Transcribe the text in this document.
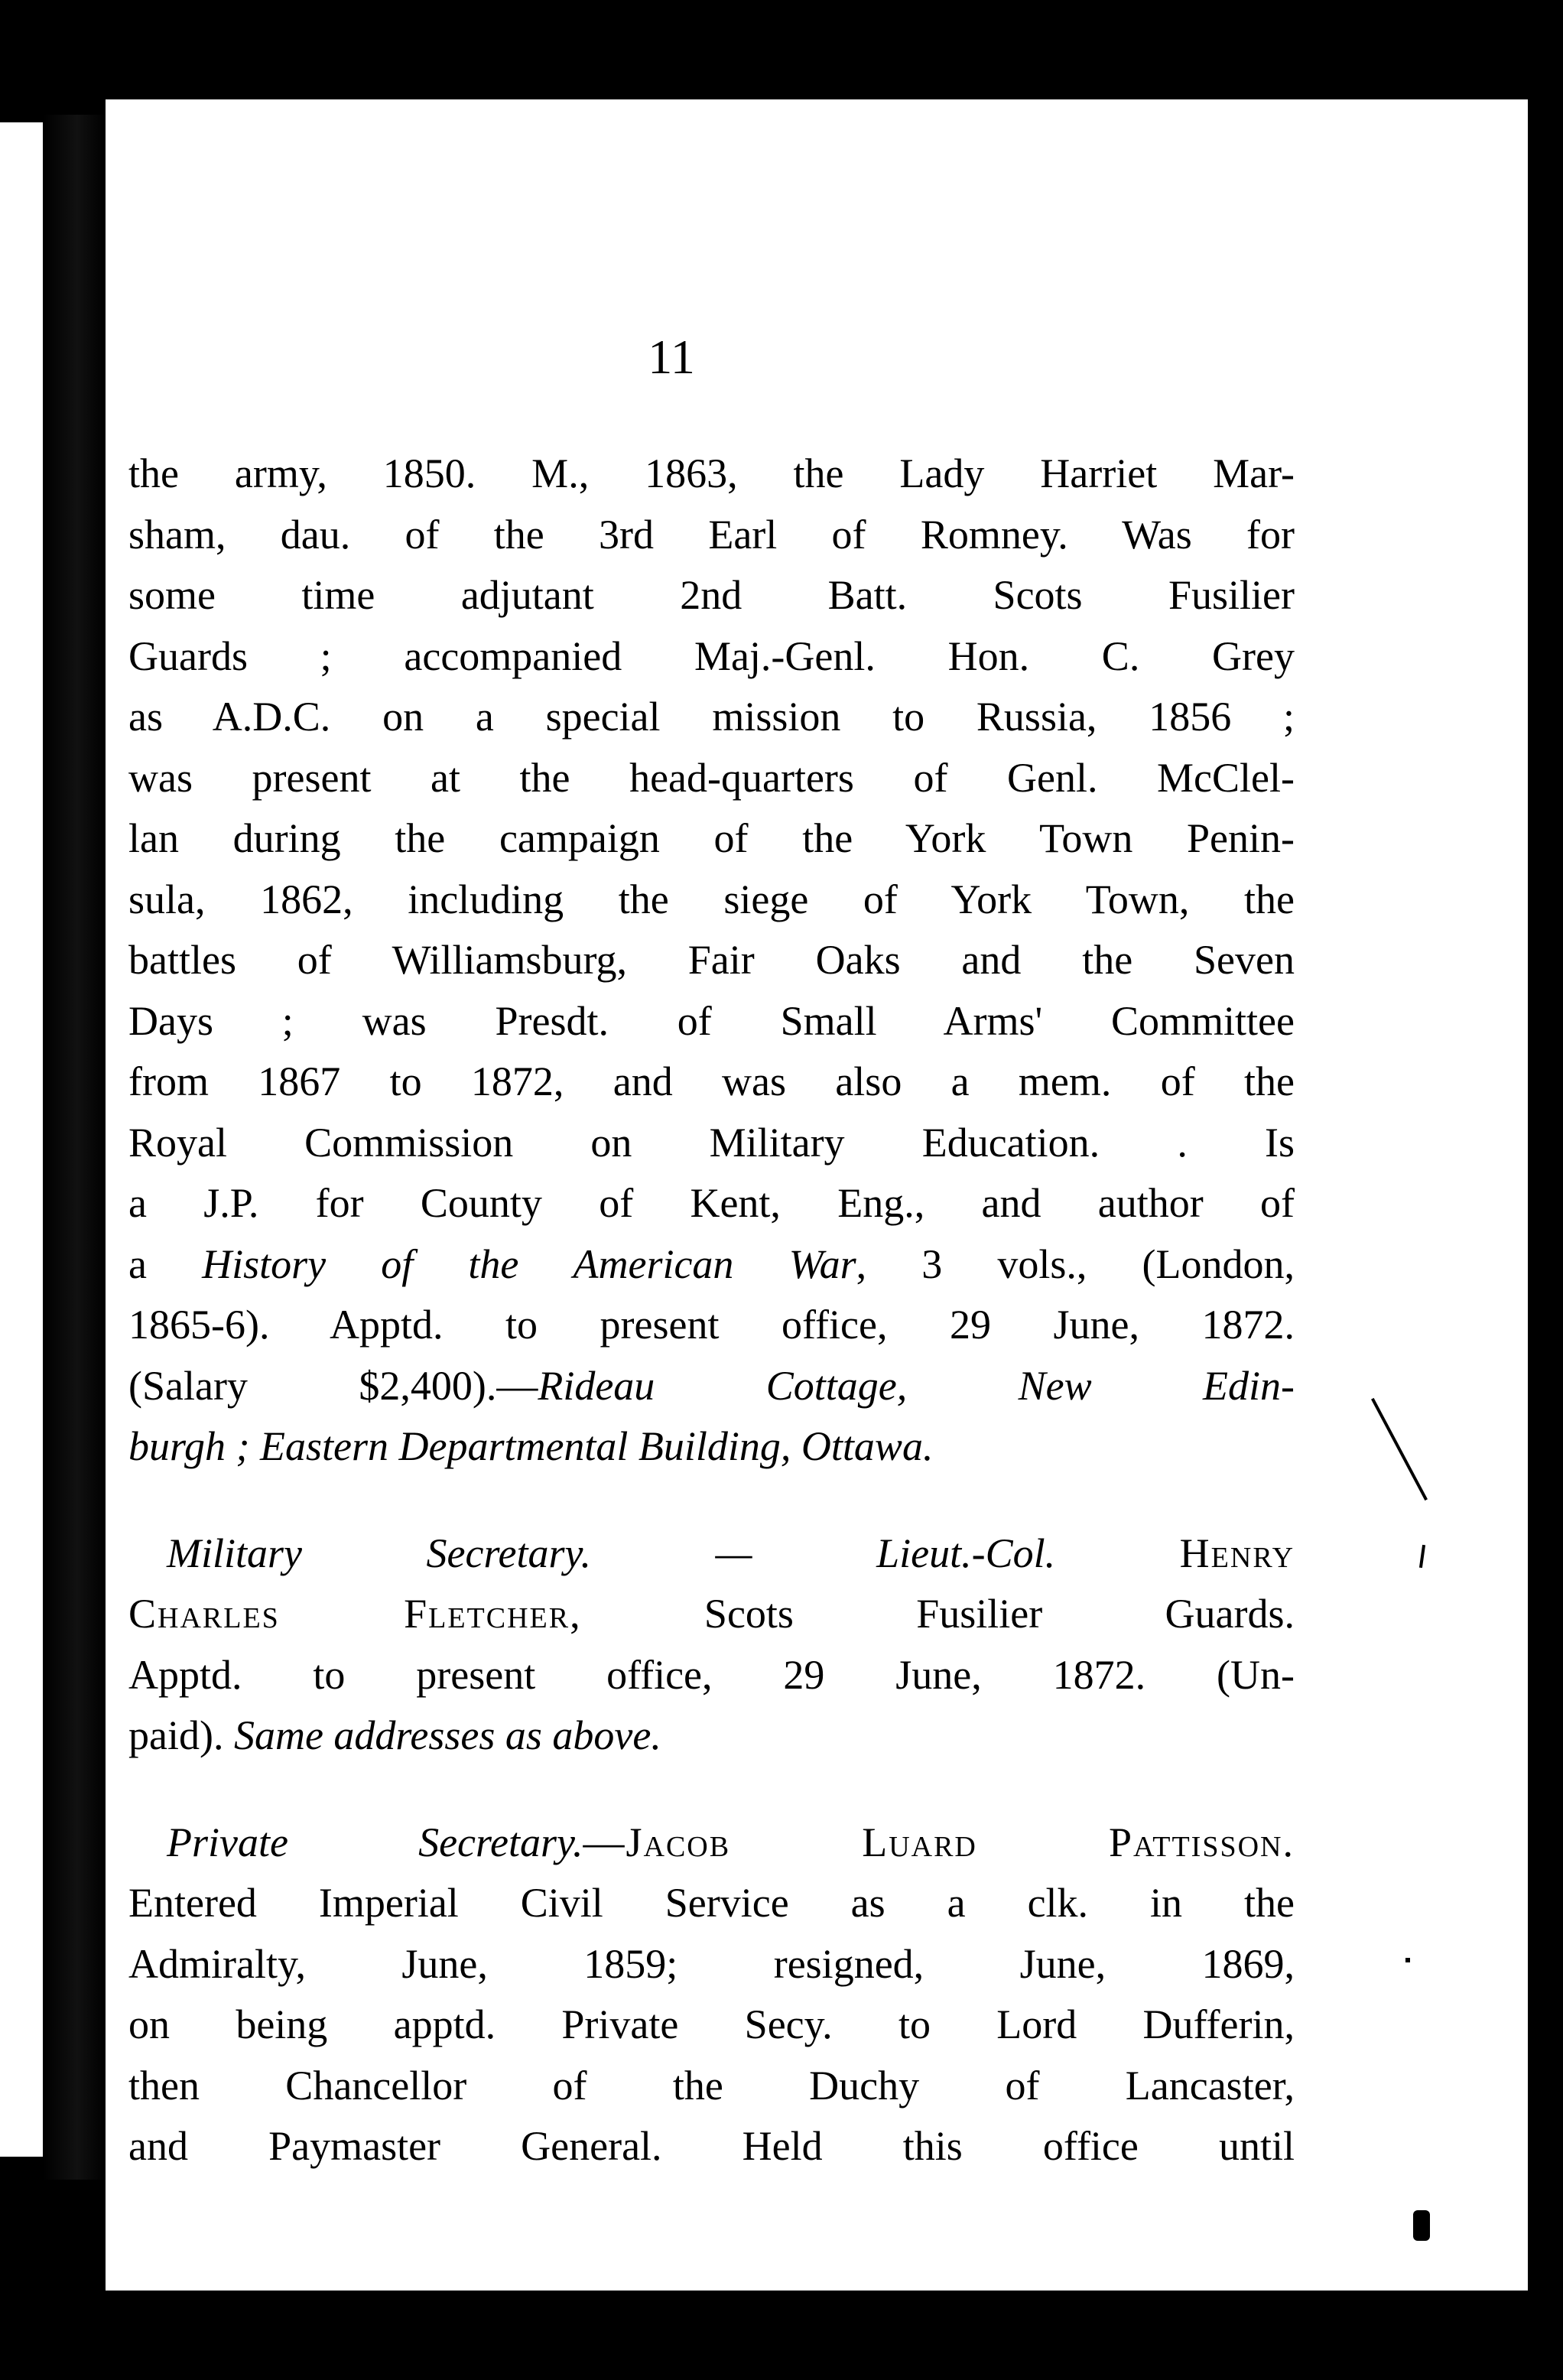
11
the army, 1850. M., 1863, the Lady Harriet Mar-
sham, dau. of the 3rd Earl of Romney. Was for
some time adjutant 2nd Batt. Scots Fusilier
Guards ; accompanied Maj.-Genl. Hon. C. Grey
as A.D.C. on a special mission to Russia, 1856 ;
was present at the head-quarters of Genl. McClel-
lan during the campaign of the York Town Penin-
sula, 1862, including the siege of York Town, the
battles of Williamsburg, Fair Oaks and the Seven
Days ; was Presdt. of Small Arms' Committee
from 1867 to 1872, and was also a mem. of the
Royal Commission on Military Education. . Is
a J.P. for County of Kent, Eng., and author of
a History of the American War, 3 vols., (London,
1865-6). Apptd. to present office, 29 June, 1872.
(Salary $2,400).—Rideau Cottage, New Edin-
burgh ; Eastern Departmental Building, Ottawa.
Military Secretary. — Lieut.-Col.	Henry
Charles Fletcher,	Scots Fusilier Guards.
Apptd. to present office, 29 June, 1872. (Un-
paid). Same addresses as above.
Private Secretary.—Jacob Luard Pattisson.
Entered Imperial Civil Service as a clk. in the
Admiralty, June, 1859; resigned, June, 1869,
on being apptd. Private Secy. to Lord Dufferin,
then Chancellor of the Duchy of Lancaster,
and Paymaster General. Held this office until
